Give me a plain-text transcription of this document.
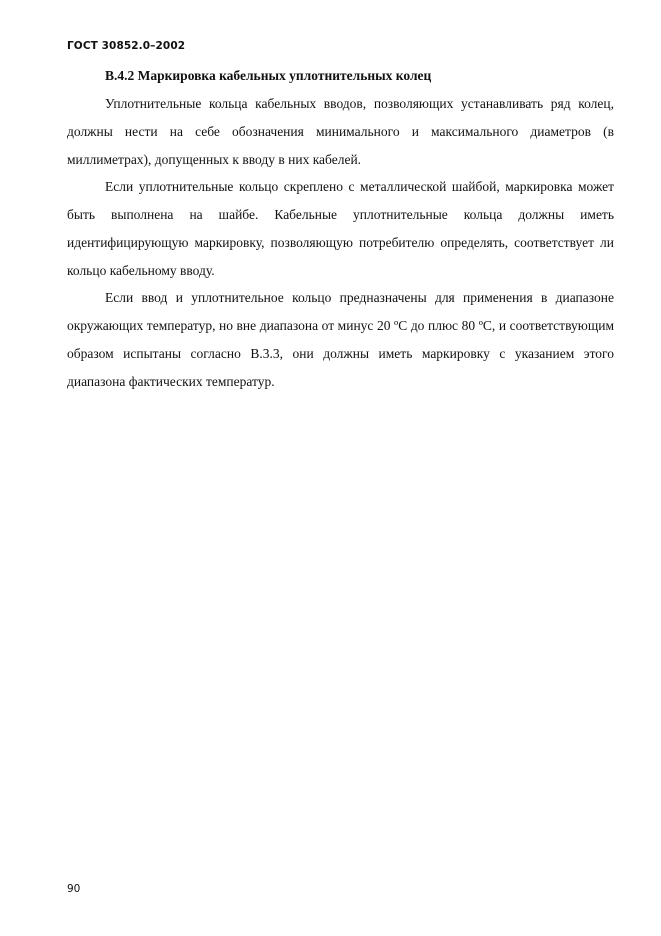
ГОСТ 30852.0–2002
В.4.2 Маркировка кабельных уплотнительных колец

Уплотнительные кольца кабельных вводов, позволяющих устанавливать ряд колец, должны нести на себе обозначения минимального и максимального диаметров (в миллиметрах), допущенных к вводу в них кабелей.

Если уплотнительные кольцо скреплено с металлической шайбой, маркировка может быть выполнена на шайбе. Кабельные уплотнительные кольца должны иметь идентифицирующую маркировку, позволяющую потребителю определять, соответствует ли кольцо кабельному вводу.

Если ввод и уплотнительное кольцо предназначены для применения в диапазоне окружающих температур, но вне диапазона от минус 20 ºС до плюс 80 ºС, и соответствующим образом испытаны согласно В.3.3, они должны иметь маркировку с указанием этого диапазона фактических температур.

90
